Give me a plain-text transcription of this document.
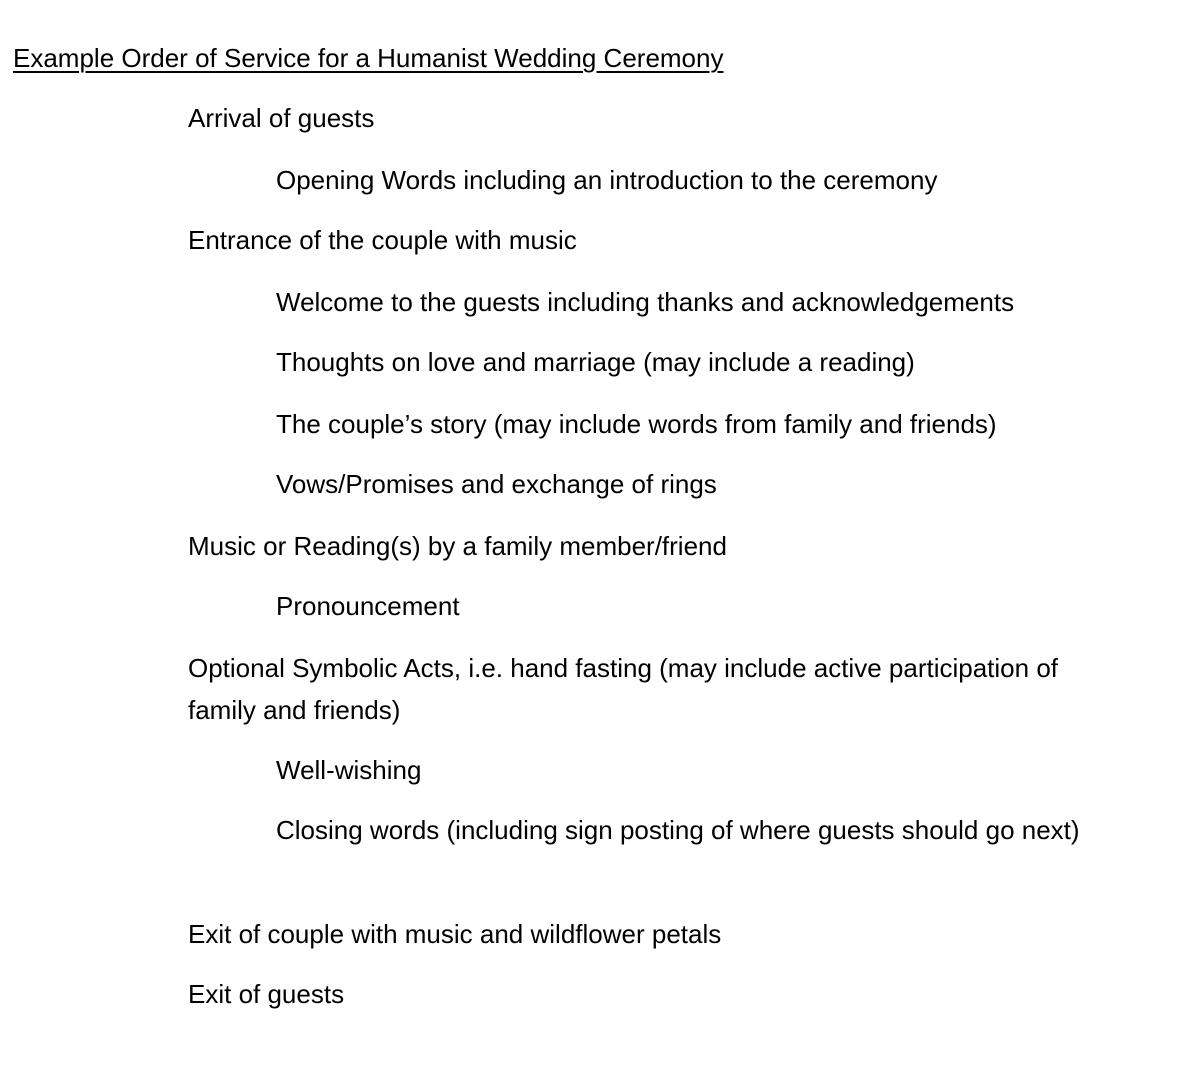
Example Order of Service for a Humanist Wedding Ceremony

Arrival of guests

Opening Words including an introduction to the ceremony

Entrance of the couple with music

Welcome to the guests including thanks and acknowledgements

Thoughts on love and marriage (may include a reading)

The couple’s story (may include words from family and friends)

Vows/Promises and exchange of rings

Music or Reading(s) by a family member/friend

Pronouncement

Optional Symbolic Acts, i.e. hand fasting (may include active participation of family and friends)

Well-wishing

Closing words (including sign posting of where guests should go next)

Exit of couple with music and wildflower petals

Exit of guests
